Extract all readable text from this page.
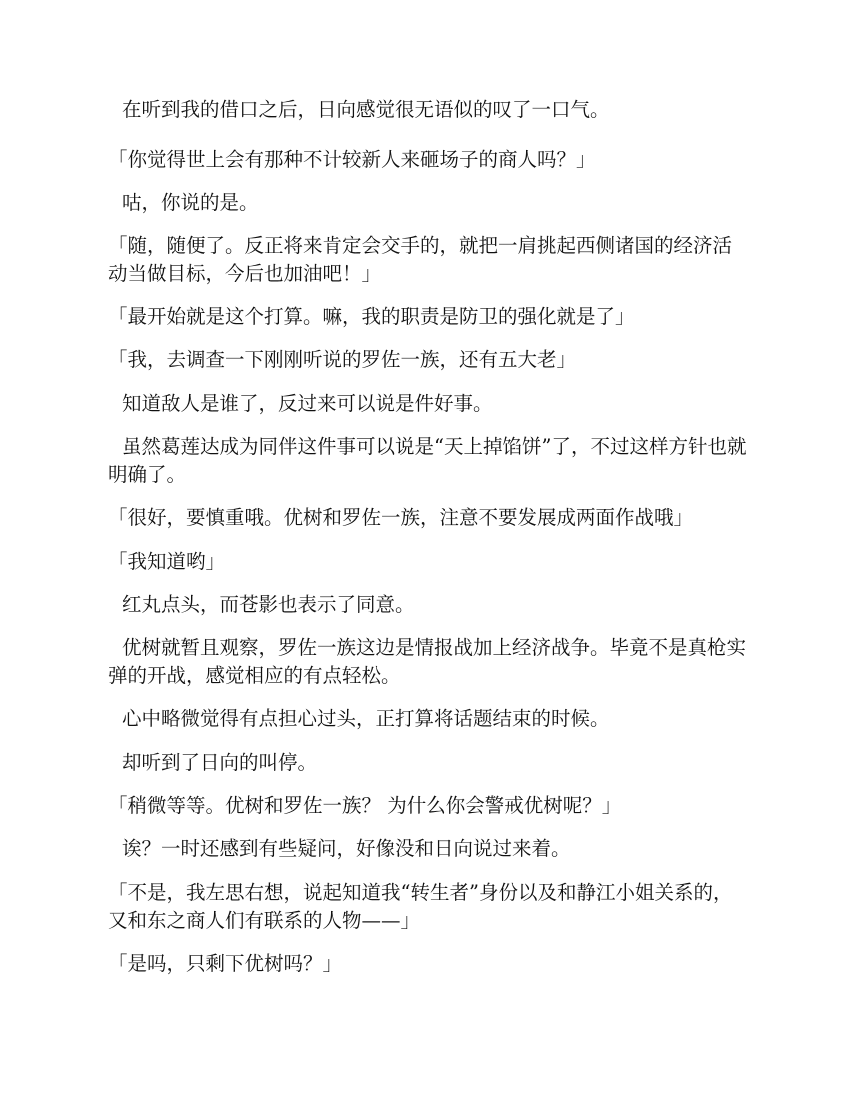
在听到我的借口之后，日向感觉很无语似的叹了一口气。

「你觉得世上会有那种不计较新人来砸场子的商人吗？」

咕，你说的是。

「随，随便了。反正将来肯定会交手的，就把一肩挑起西侧诸国的经济活动当做目标，今后也加油吧！」

「最开始就是这个打算。嘛，我的职责是防卫的强化就是了」

「我，去调查一下刚刚听说的罗佐一族，还有五大老」

知道敌人是谁了，反过来可以说是件好事。

虽然葛莲达成为同伴这件事可以说是“天上掉馅饼”了，不过这样方针也就明确了。

「很好，要慎重哦。优树和罗佐一族，注意不要发展成两面作战哦」

「我知道哟」

红丸点头，而苍影也表示了同意。

优树就暂且观察，罗佐一族这边是情报战加上经济战争。毕竟不是真枪实弹的开战，感觉相应的有点轻松。

心中略微觉得有点担心过头，正打算将话题结束的时候。

却听到了日向的叫停。

「稍微等等。优树和罗佐一族？ 为什么你会警戒优树呢？」

诶？一时还感到有些疑问，好像没和日向说过来着。

「不是，我左思右想，说起知道我“转生者”身份以及和静江小姐关系的，又和东之商人们有联系的人物——」

「是吗，只剩下优树吗？」
